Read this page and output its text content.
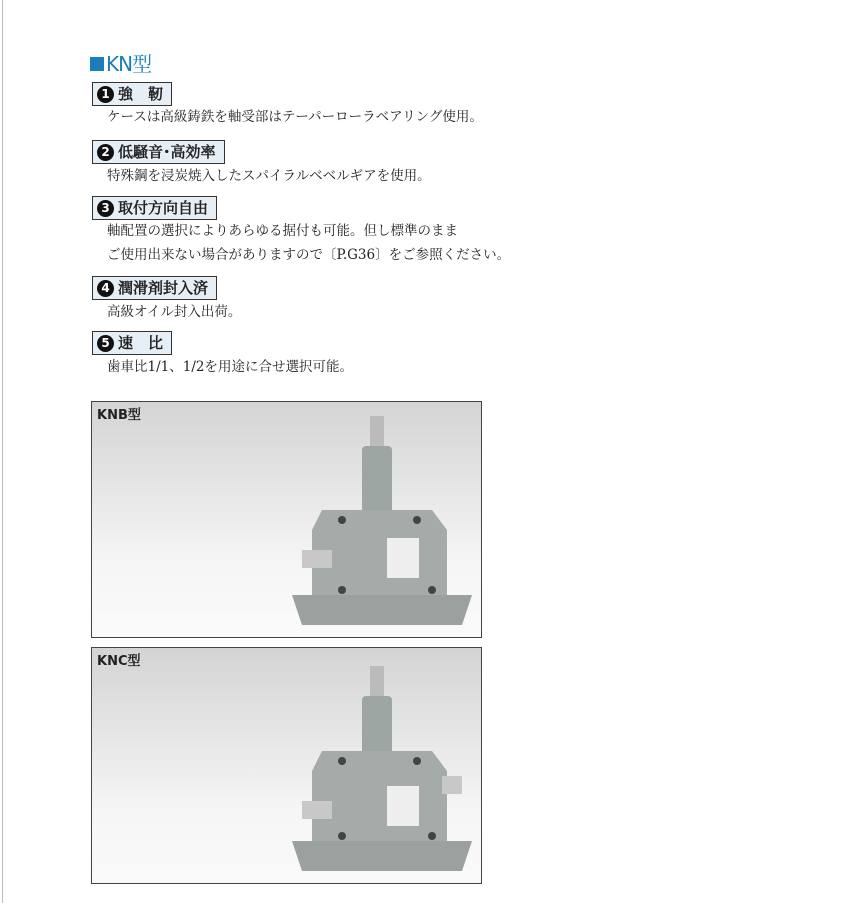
KN型
1 強　靭
ケースは高級鋳鉄を軸受部はテーパーローラベアリング使用。
2 低騒音･高効率
特殊鋼を浸炭焼入したスパイラルベベルギアを使用。
3 取付方向自由
軸配置の選択によりあらゆる据付も可能。但し標準のまま
ご使用出来ない場合がありますので〔P.G36〕をご参照ください。
4 潤滑剤封入済
高級オイル封入出荷。
5 速　比
歯車比1/1、1/2を用途に合せ選択可能。
KNB型
KNC型
